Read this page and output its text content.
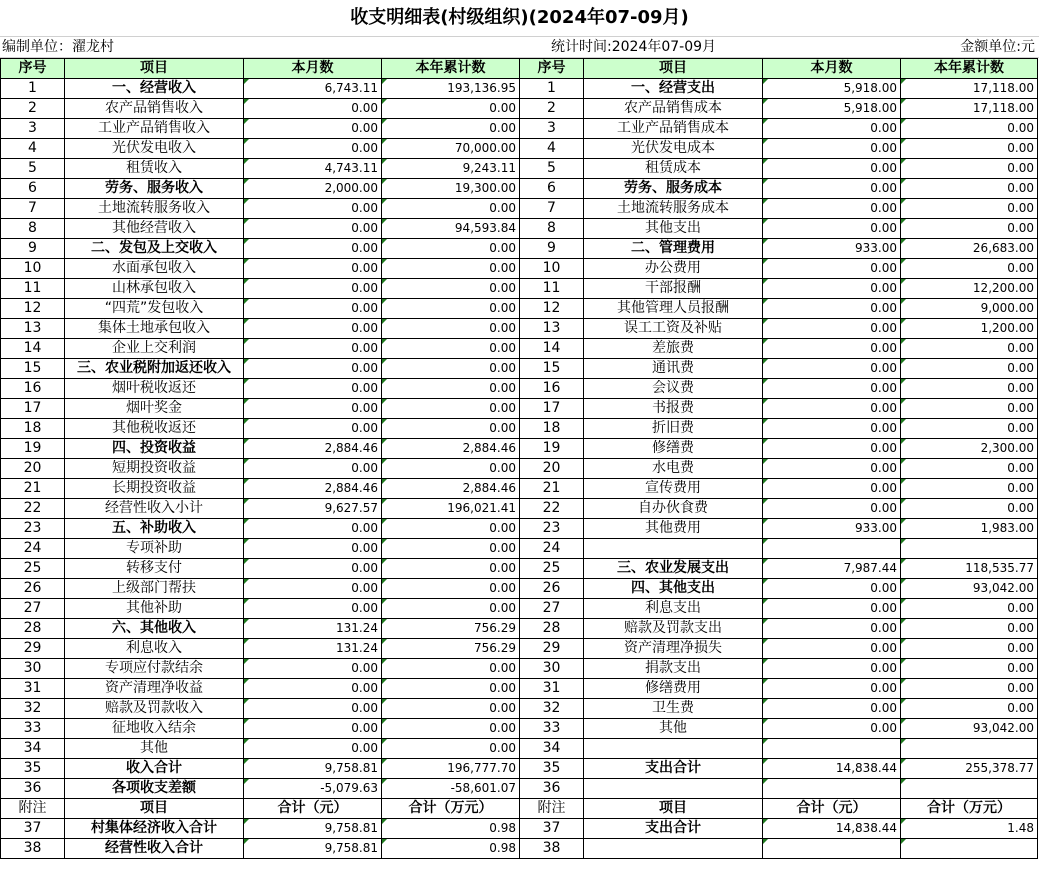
收支明细表(村级组织)(2024年07-09月)
编制单位：濯龙村	统计时间:2024年07-09月	金额单位:元
序号	项目	本月数	本年累计数	序号	项目	本月数	本年累计数
1	一、经营收入	6,743.11	193,136.95	1	一、经营支出	5,918.00	17,118.00
2	农产品销售收入	0.00	0.00	2	农产品销售成本	5,918.00	17,118.00
3	工业产品销售收入	0.00	0.00	3	工业产品销售成本	0.00	0.00
4	光伏发电收入	0.00	70,000.00	4	光伏发电成本	0.00	0.00
5	租赁收入	4,743.11	9,243.11	5	租赁成本	0.00	0.00
6	劳务、服务收入	2,000.00	19,300.00	6	劳务、服务成本	0.00	0.00
7	土地流转服务收入	0.00	0.00	7	土地流转服务成本	0.00	0.00
8	其他经营收入	0.00	94,593.84	8	其他支出	0.00	0.00
9	二、发包及上交收入	0.00	0.00	9	二、管理费用	933.00	26,683.00
10	水面承包收入	0.00	0.00	10	办公费用	0.00	0.00
11	山林承包收入	0.00	0.00	11	干部报酬	0.00	12,200.00
12	“四荒”发包收入	0.00	0.00	12	其他管理人员报酬	0.00	9,000.00
13	集体土地承包收入	0.00	0.00	13	误工工资及补贴	0.00	1,200.00
14	企业上交利润	0.00	0.00	14	差旅费	0.00	0.00
15	三、农业税附加返还收入	0.00	0.00	15	通讯费	0.00	0.00
16	烟叶税收返还	0.00	0.00	16	会议费	0.00	0.00
17	烟叶奖金	0.00	0.00	17	书报费	0.00	0.00
18	其他税收返还	0.00	0.00	18	折旧费	0.00	0.00
19	四、投资收益	2,884.46	2,884.46	19	修缮费	0.00	2,300.00
20	短期投资收益	0.00	0.00	20	水电费	0.00	0.00
21	长期投资收益	2,884.46	2,884.46	21	宣传费用	0.00	0.00
22	经营性收入小计	9,627.57	196,021.41	22	自办伙食费	0.00	0.00
23	五、补助收入	0.00	0.00	23	其他费用	933.00	1,983.00
24	专项补助	0.00	0.00	24			
25	转移支付	0.00	0.00	25	三、农业发展支出	7,987.44	118,535.77
26	上级部门帮扶	0.00	0.00	26	四、其他支出	0.00	93,042.00
27	其他补助	0.00	0.00	27	利息支出	0.00	0.00
28	六、其他收入	131.24	756.29	28	赔款及罚款支出	0.00	0.00
29	利息收入	131.24	756.29	29	资产清理净损失	0.00	0.00
30	专项应付款结余	0.00	0.00	30	捐款支出	0.00	0.00
31	资产清理净收益	0.00	0.00	31	修缮费用	0.00	0.00
32	赔款及罚款收入	0.00	0.00	32	卫生费	0.00	0.00
33	征地收入结余	0.00	0.00	33	其他	0.00	93,042.00
34	其他	0.00	0.00	34			
35	收入合计	9,758.81	196,777.70	35	支出合计	14,838.44	255,378.77
36	各项收支差额	-5,079.63	-58,601.07	36			
附注	项目	合计（元）	合计（万元）	附注	项目	合计（元）	合计（万元）
37	村集体经济收入合计	9,758.81	0.98	37	支出合计	14,838.44	1.48
38	经营性收入合计	9,758.81	0.98	38			
